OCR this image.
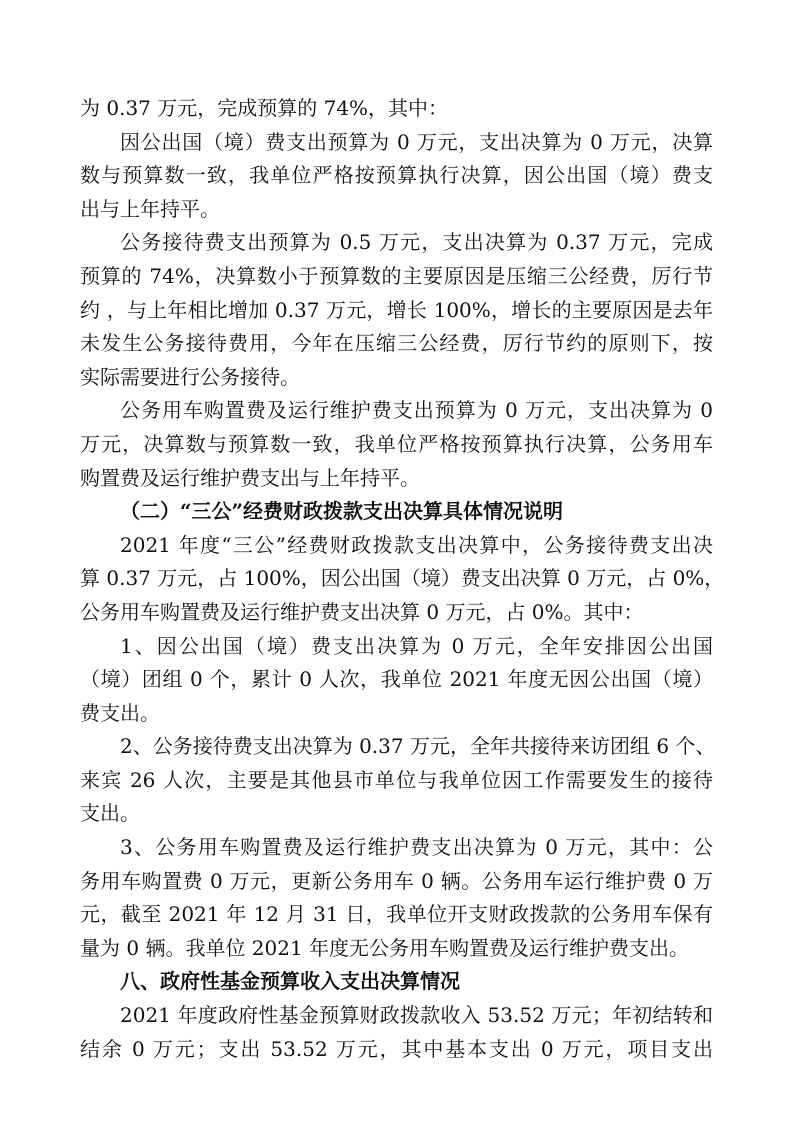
为 0.37 万元，完成预算的 74%，其中：
因公出国（境）费支出预算为 0 万元，支出决算为 0 万元，决算
数与预算数一致，我单位严格按预算执行决算，因公出国（境）费支
出与上年持平。
公务接待费支出预算为 0.5 万元，支出决算为 0.37 万元，完成
预算的 74%，决算数小于预算数的主要原因是压缩三公经费，厉行节
约 ，与上年相比增加 0.37 万元，增长 100%，增长的主要原因是去年
未发生公务接待费用，今年在压缩三公经费，厉行节约的原则下，按
实际需要进行公务接待。
公务用车购置费及运行维护费支出预算为 0 万元，支出决算为 0
万元，决算数与预算数一致，我单位严格按预算执行决算，公务用车
购置费及运行维护费支出与上年持平。
（二）“三公”经费财政拨款支出决算具体情况说明
2021 年度“三公”经费财政拨款支出决算中，公务接待费支出决
算 0.37 万元，占 100%，因公出国（境）费支出决算 0 万元，占 0%，
公务用车购置费及运行维护费支出决算 0 万元，占 0%。其中：
1、因公出国（境）费支出决算为 0 万元，全年安排因公出国
（境）团组 0 个，累计 0 人次，我单位 2021 年度无因公出国（境）
费支出。
2、公务接待费支出决算为 0.37 万元，全年共接待来访团组 6 个、
来宾 26 人次，主要是其他县市单位与我单位因工作需要发生的接待
支出。
3、公务用车购置费及运行维护费支出决算为 0 万元，其中：公
务用车购置费 0 万元，更新公务用车 0 辆。公务用车运行维护费 0 万
元，截至 2021 年 12 月 31 日，我单位开支财政拨款的公务用车保有
量为 0 辆。我单位 2021 年度无公务用车购置费及运行维护费支出。
八、政府性基金预算收入支出决算情况
2021 年度政府性基金预算财政拨款收入 53.52 万元；年初结转和
结余 0 万元；支出 53.52 万元，其中基本支出 0 万元，项目支出
